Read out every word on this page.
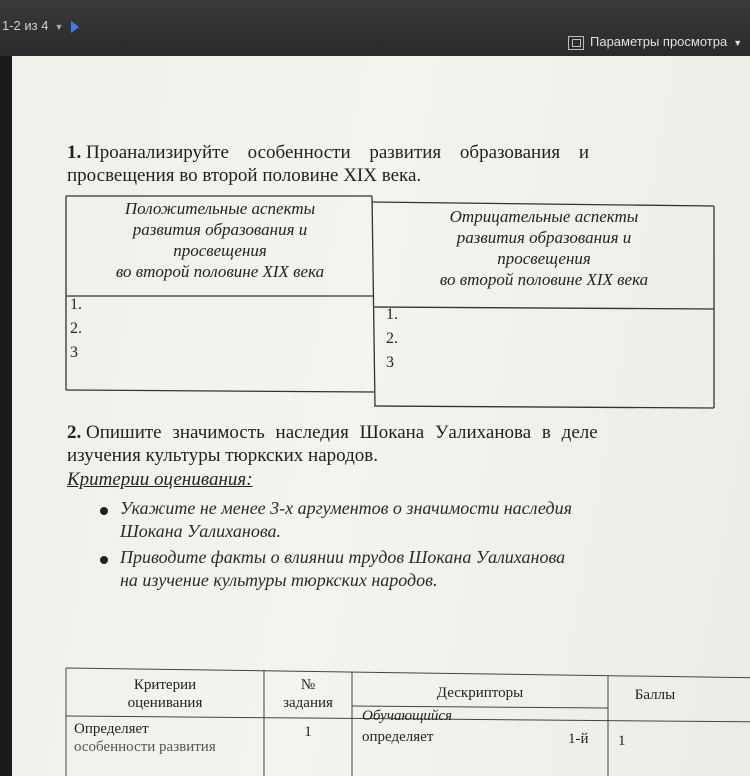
1-2 из 4 ▼
Параметры просмотра ▼
1. Проанализируйте особенности развития образования и
просвещения во второй половине XIX века.
Положительные аспекты
развития образования и
просвещения
во второй половине XIX века
Отрицательные аспекты
развития образования и
просвещения
во второй половине XIX века
1.
2.
3
1.
2.
3
2. Опишите значимость наследия Шокана Уалиханова в деле
изучения культуры тюркских народов.
Критерии оценивания:
Укажите не менее 3-х аргументов о значимости наследия
Шокана Уалиханова.
Приводите факты о влиянии трудов Шокана Уалиханова
на изучение культуры тюркских народов.
Критерии
оценивания
№
задания
Дескрипторы
Обучающийся
Баллы
Определяет
особенности развития
1	определяет	1-й 1
